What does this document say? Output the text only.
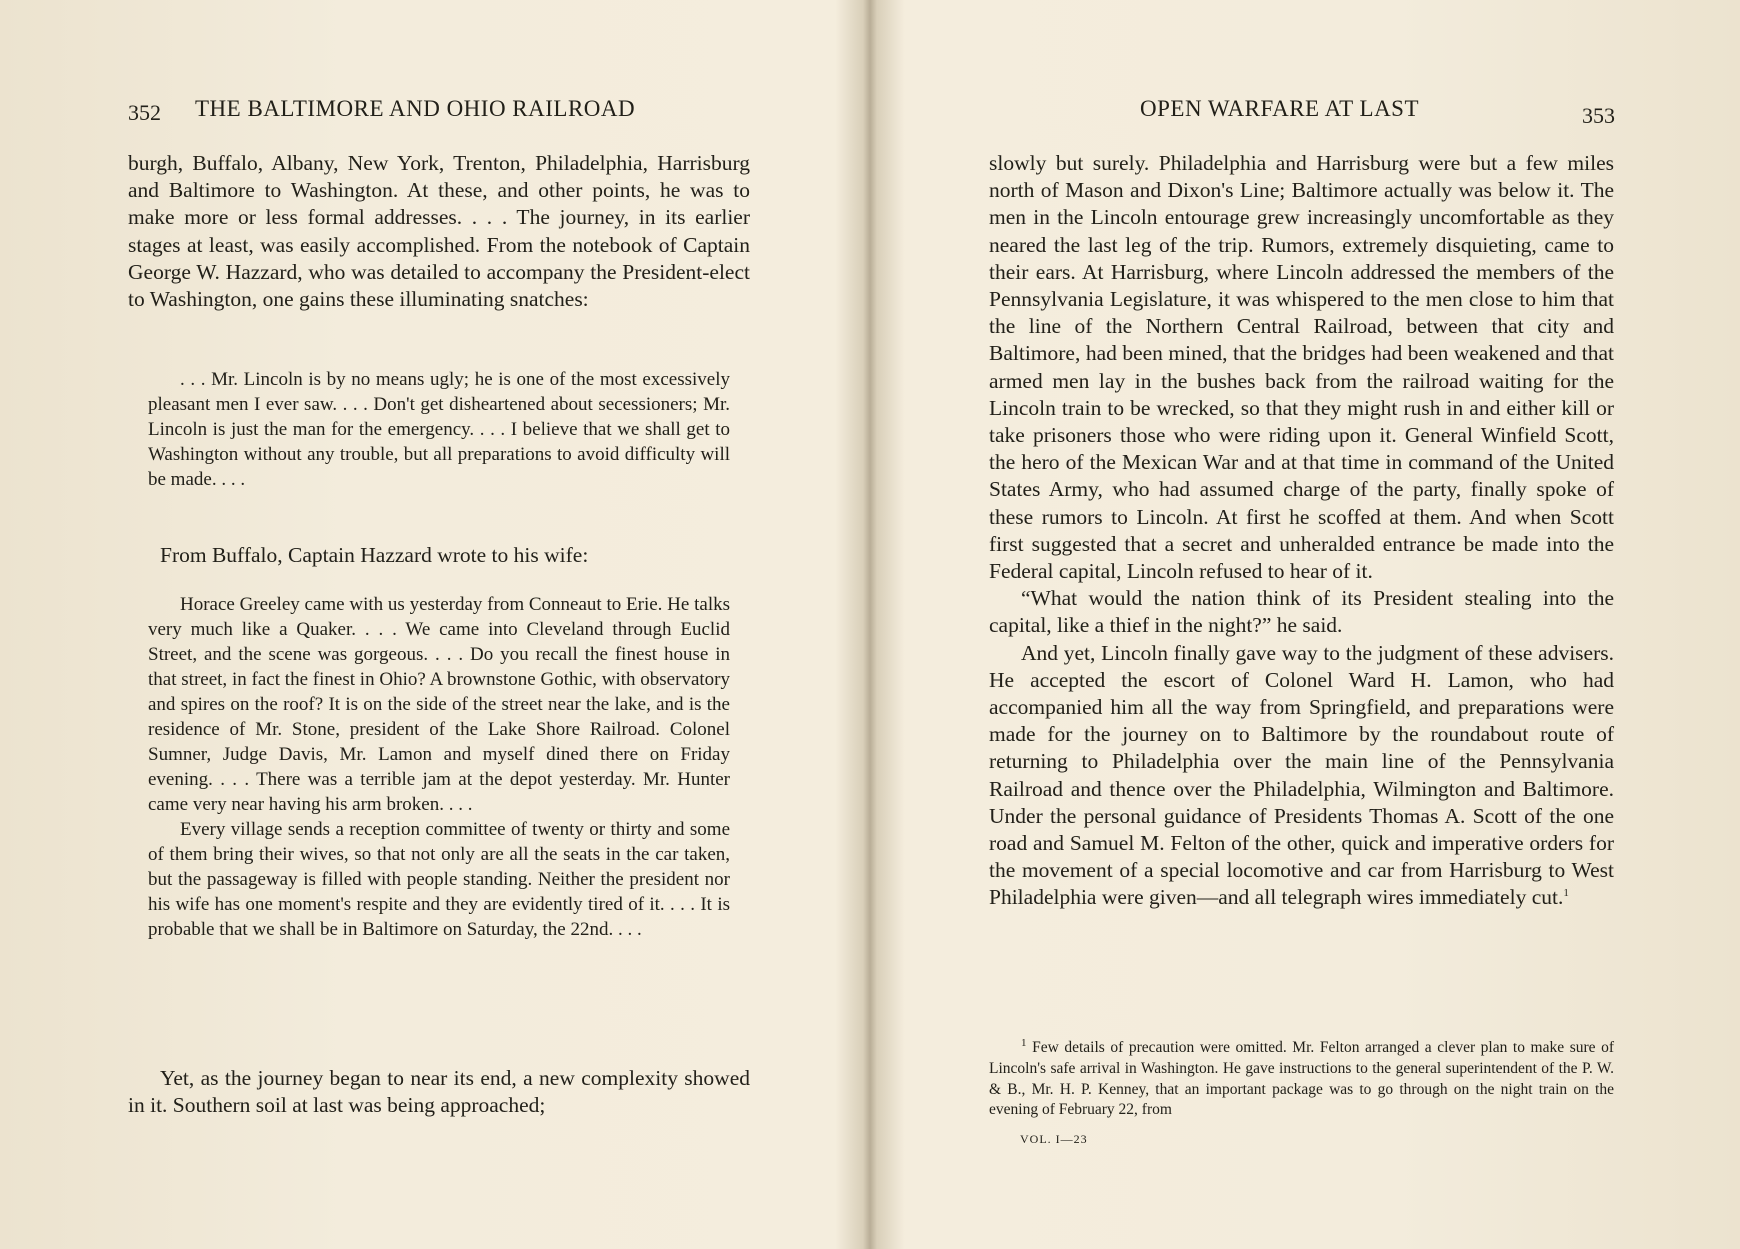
352 THE BALTIMORE AND OHIO RAILROAD

burgh, Buffalo, Albany, New York, Trenton, Philadelphia, Harrisburg and Baltimore to Washington. At these, and other points, he was to make more or less formal addresses. . . . The journey, in its earlier stages at least, was easily accomplished. From the notebook of Captain George W. Hazzard, who was detailed to accompany the President-elect to Washington, one gains these illuminating snatches:

. . . Mr. Lincoln is by no means ugly; he is one of the most excessively pleasant men I ever saw. . . . Don't get disheartened about secessioners; Mr. Lincoln is just the man for the emergency. . . . I believe that we shall get to Washington without any trouble, but all preparations to avoid difficulty will be made. . . .

From Buffalo, Captain Hazzard wrote to his wife:

Horace Greeley came with us yesterday from Conneaut to Erie. He talks very much like a Quaker. . . . We came into Cleveland through Euclid Street, and the scene was gorgeous. . . . Do you recall the finest house in that street, in fact the finest in Ohio? A brownstone Gothic, with observatory and spires on the roof? It is on the side of the street near the lake, and is the residence of Mr. Stone, president of the Lake Shore Railroad. Colonel Sumner, Judge Davis, Mr. Lamon and myself dined there on Friday evening. . . . There was a terrible jam at the depot yesterday. Mr. Hunter came very near having his arm broken. . . .

Every village sends a reception committee of twenty or thirty and some of them bring their wives, so that not only are all the seats in the car taken, but the passageway is filled with people standing. Neither the president nor his wife has one moment's respite and they are evidently tired of it. . . . It is probable that we shall be in Baltimore on Saturday, the 22nd. . . .

Yet, as the journey began to near its end, a new complexity showed in it. Southern soil at last was being approached;

OPEN WARFARE AT LAST	353

slowly but surely. Philadelphia and Harrisburg were but a few miles north of Mason and Dixon's Line; Baltimore actually was below it. The men in the Lincoln entourage grew increasingly uncomfortable as they neared the last leg of the trip. Rumors, extremely disquieting, came to their ears. At Harrisburg, where Lincoln addressed the members of the Pennsylvania Legislature, it was whispered to the men close to him that the line of the Northern Central Railroad, between that city and Baltimore, had been mined, that the bridges had been weakened and that armed men lay in the bushes back from the railroad waiting for the Lincoln train to be wrecked, so that they might rush in and either kill or take prisoners those who were riding upon it. General Winfield Scott, the hero of the Mexican War and at that time in command of the United States Army, who had assumed charge of the party, finally spoke of these rumors to Lincoln. At first he scoffed at them. And when Scott first suggested that a secret and unheralded entrance be made into the Federal capital, Lincoln refused to hear of it.

“What would the nation think of its President stealing into the capital, like a thief in the night?” he said.

And yet, Lincoln finally gave way to the judgment of these advisers. He accepted the escort of Colonel Ward H. Lamon, who had accompanied him all the way from Springfield, and preparations were made for the journey on to Baltimore by the roundabout route of returning to Philadelphia over the main line of the Pennsylvania Railroad and thence over the Philadelphia, Wilmington and Baltimore. Under the personal guidance of Presidents Thomas A. Scott of the one road and Samuel M. Felton of the other, quick and imperative orders for the movement of a special locomotive and car from Harrisburg to West Philadelphia were given—and all telegraph wires immediately cut.$^1$

$^1$ Few details of precaution were omitted. Mr. Felton arranged a clever plan to make sure of Lincoln's safe arrival in Washington. He gave instructions to the general superintendent of the P. W. & B., Mr. H. P. Kenney, that an important package was to go through on the night train on the evening of February 22, from

VOL. I—23
